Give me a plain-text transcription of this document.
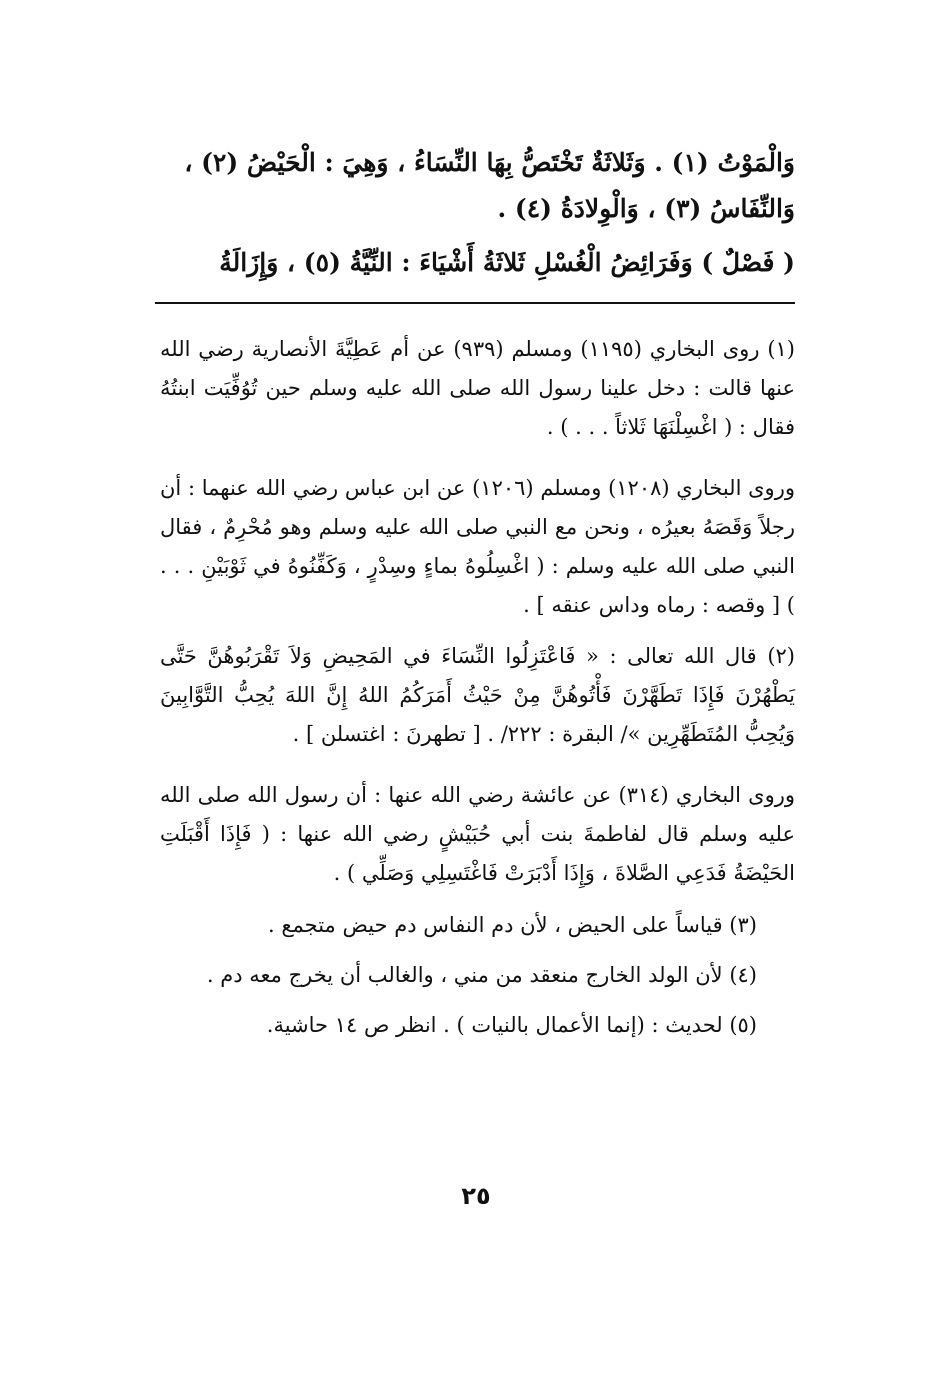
وَالْمَوْتُ (١) . وَثَلاثَةٌ تَخْتَصُّ بِهَا النِّسَاءُ ، وَهِيَ : الْحَيْضُ (٢) ،

وَالنِّفَاسُ (٣) ، وَالْوِلادَةُ (٤) .

( فَصْلٌ ) وَفَرَائِضُ الْغُسْلِ ثَلاثَةُ أَشْيَاءَ : النِّيَّةُ (٥) ، وَإِزَالَةُ

(١) روى البخاري (١١٩٥) ومسلم (٩٣٩) عن أم عَطِيَّةَ الأنصارية رضي الله عنها قالت : دخل علينا رسول الله صلى الله عليه وسلم حين تُوُفِّيَت ابنتُهُ فقال : ( اغْسِلْنَهَا ثَلاثاً . . . ) .

وروى البخاري (١٢٠٨) ومسلم (١٢٠٦) عن ابن عباس رضي الله عنهما : أن رجلاً وَقَصَهُ بعيرُه ، ونحن مع النبي صلى الله عليه وسلم وهو مُحْرِمٌ ، فقال النبي صلى الله عليه وسلم : ( اغْسِلُوهُ بماءٍ وسِدْرٍ ، وَكَفِّنُوهُ في ثَوْبَيْنِ . . . ) [ وقصه : رماه وداس عنقه ] .

(٢) قال الله تعالى : « فَاعْتَزِلُوا النِّسَاءَ في المَحِيضِ وَلاَ تَقْرَبُوهُنَّ حَتَّى يَطْهُرْنَ فَإِذَا تَطَهَّرْنَ فَأْتُوهُنَّ مِنْ حَيْثُ أَمَرَكُمُ اللهُ إِنَّ اللهَ يُحِبُّ التَّوَّابِينَ وَيُحِبُّ المُتَطَهِّرِين »/ البقرة : ٢٢٢/ . [ تطهرنَ : اغتسلن ] .

وروى البخاري (٣١٤) عن عائشة رضي الله عنها : أن رسول الله صلى الله عليه وسلم قال لفاطمةَ بنت أبي حُبَيْشٍ رضي الله عنها : ( فَإِذَا أَقْبَلَتِ الحَيْضَةُ فَدَعِي الصَّلاةَ ، وَإِذَا أَدْبَرَتْ فَاغْتَسِلِي وَصَلِّي ) .

(٣) قياساً على الحيض ، لأن دم النفاس دم حيض متجمع .

(٤) لأن الولد الخارج منعقد من مني ، والغالب أن يخرج معه دم .

(٥) لحديث : (إنما الأعمال بالنيات ) . انظر ص ١٤ حاشية.

٢٥
